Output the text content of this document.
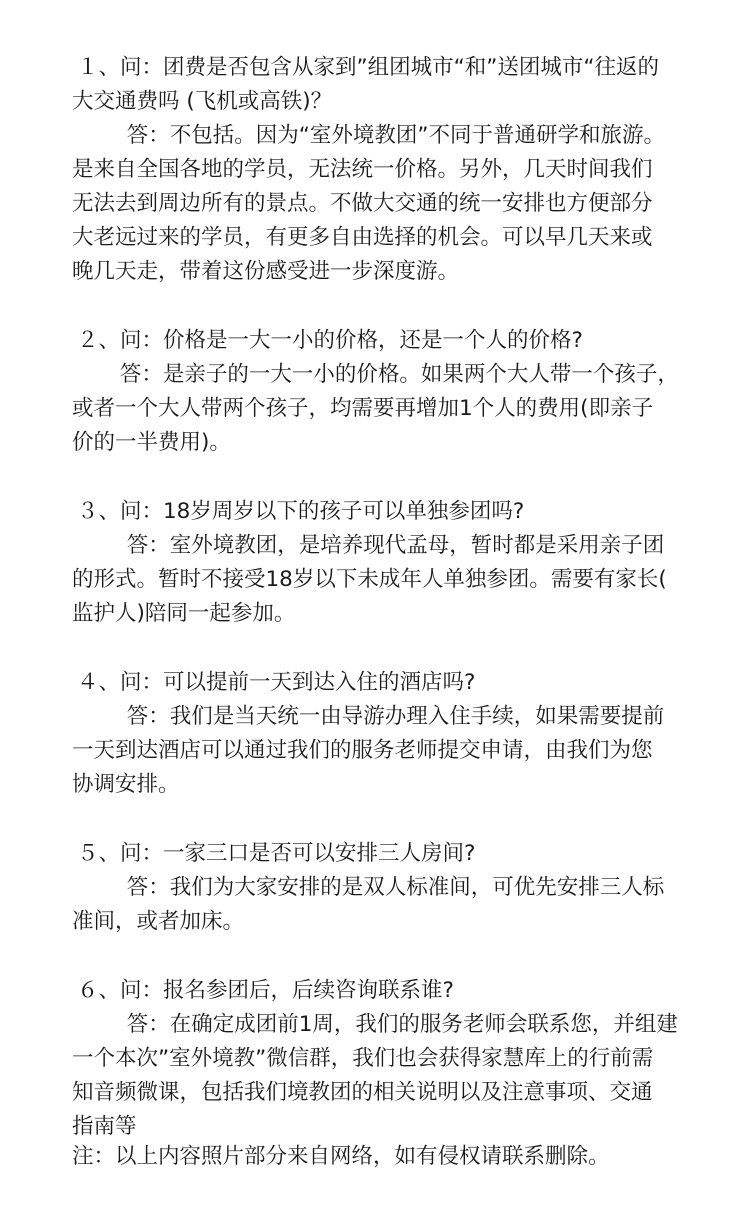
１、问：团费是否包含从家到”组团城市“和”送团城市“往返的

大交通费吗 (飞机或高铁)？

答：不包括。因为“室外境教团”不同于普通研学和旅游。

是来自全国各地的学员，无法统一价格。另外，几天时间我们

无法去到周边所有的景点。不做大交通的统一安排也方便部分

大老远过来的学员，有更多自由选择的机会。可以早几天来或

晚几天走，带着这份感受进一步深度游。

２、问：价格是一大一小的价格，还是一个人的价格?

答：是亲子的一大一小的价格。如果两个大人带一个孩子，

或者一个大人带两个孩子，均需要再增加1个人的费用(即亲子

价的一半费用)。

３、问：18岁周岁以下的孩子可以单独参团吗?

答：室外境教团，是培养现代孟母，暂时都是采用亲子团

的形式。暂时不接受18岁以下未成年人单独参团。需要有家长(

监护人)陪同一起参加。

４、问：可以提前一天到达入住的酒店吗?

答：我们是当天统一由导游办理入住手续，如果需要提前

一天到达酒店可以通过我们的服务老师提交申请，由我们为您

协调安排。

５、问：一家三口是否可以安排三人房间?

答：我们为大家安排的是双人标准间，可优先安排三人标

准间，或者加床。

６、问：报名参团后，后续咨询联系谁?

答：在确定成团前1周，我们的服务老师会联系您，并组建

一个本次”室外境教”微信群，我们也会获得家慧库上的行前需

知音频微课，包括我们境教团的相关说明以及注意事项、交通

指南等

注：以上内容照片部分来自网络，如有侵权请联系删除。
